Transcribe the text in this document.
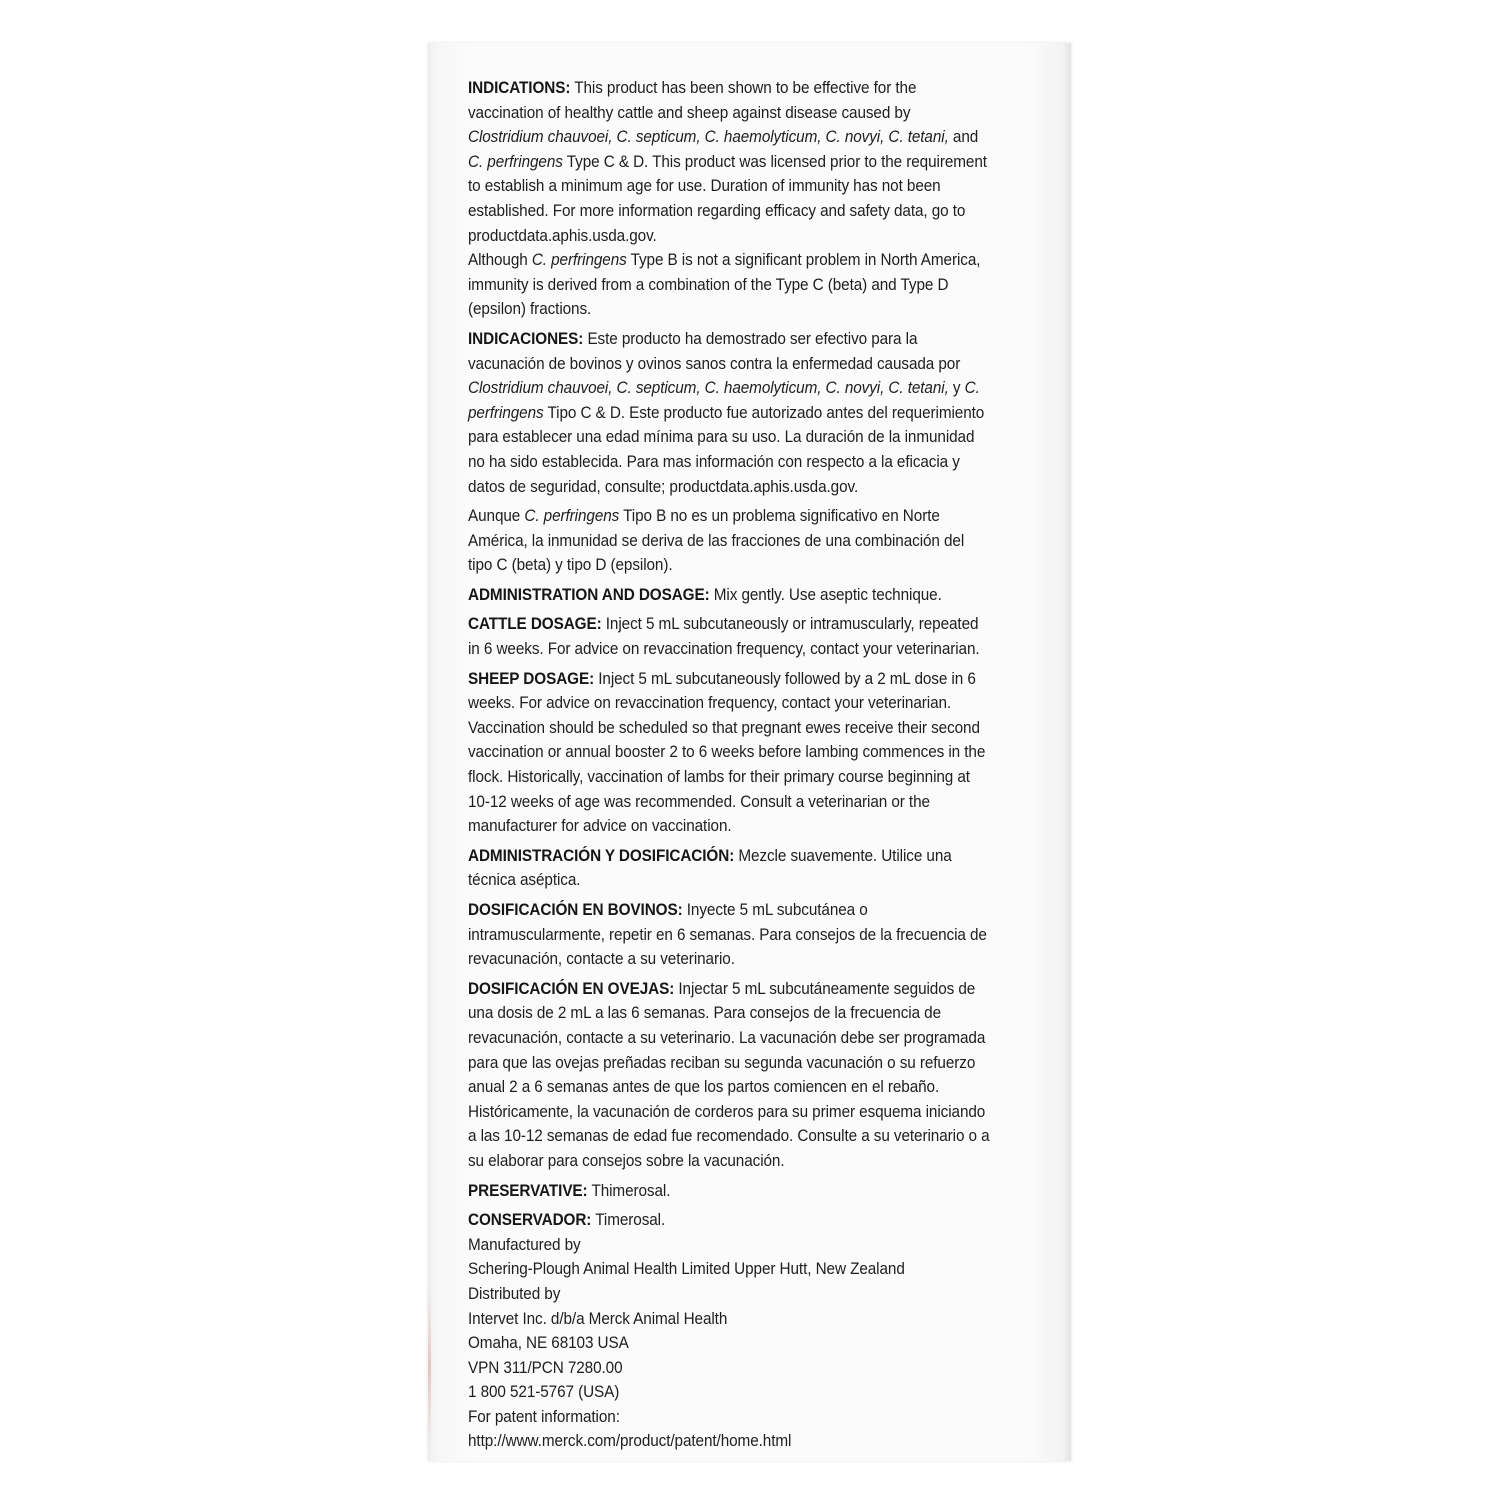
INDICATIONS: This product has been shown to be effective for the vaccination of healthy cattle and sheep against disease caused by Clostridium chauvoei, C. septicum, C. haemolyticum, C. novyi, C. tetani, and C. perfringens Type C & D. This product was licensed prior to the requirement to establish a minimum age for use. Duration of immunity has not been established. For more information regarding efficacy and safety data, go to productdata.aphis.usda.gov.

Although C. perfringens Type B is not a significant problem in North America, immunity is derived from a combination of the Type C (beta) and Type D (epsilon) fractions.

INDICACIONES: Este producto ha demostrado ser efectivo para la vacunación de bovinos y ovinos sanos contra la enfermedad causada por Clostridium chauvoei, C. septicum, C. haemolyticum, C. novyi, C. tetani, y C. perfringens Tipo C & D. Este producto fue autorizado antes del requerimiento para establecer una edad mínima para su uso. La duración de la inmunidad no ha sido establecida. Para mas información con respecto a la eficacia y datos de seguridad, consulte; productdata.aphis.usda.gov.

Aunque C. perfringens Tipo B no es un problema significativo en Norte América, la inmunidad se deriva de las fracciones de una combinación del tipo C (beta) y tipo D (epsilon).

ADMINISTRATION AND DOSAGE: Mix gently. Use aseptic technique.

CATTLE DOSAGE: Inject 5 mL subcutaneously or intramuscularly, repeated in 6 weeks. For advice on revaccination frequency, contact your veterinarian.

SHEEP DOSAGE: Inject 5 mL subcutaneously followed by a 2 mL dose in 6 weeks. For advice on revaccination frequency, contact your veterinarian. Vaccination should be scheduled so that pregnant ewes receive their second vaccination or annual booster 2 to 6 weeks before lambing commences in the flock. Historically, vaccination of lambs for their primary course beginning at 10-12 weeks of age was recommended. Consult a veterinarian or the manufacturer for advice on vaccination.

ADMINISTRACIÓN Y DOSIFICACIÓN: Mezcle suavemente. Utilice una técnica aséptica.

DOSIFICACIÓN EN BOVINOS: Inyecte 5 mL subcutánea o intramuscularmente, repetir en 6 semanas. Para consejos de la frecuencia de revacunación, contacte a su veterinario.

DOSIFICACIÓN EN OVEJAS: Injectar 5 mL subcutáneamente seguidos de una dosis de 2 mL a las 6 semanas. Para consejos de la frecuencia de revacunación, contacte a su veterinario. La vacunación debe ser programada para que las ovejas preñadas reciban su segunda vacunación o su refuerzo anual 2 a 6 semanas antes de que los partos comiencen en el rebaño. Históricamente, la vacunación de corderos para su primer esquema iniciando a las 10-12 semanas de edad fue recomendado. Consulte a su veterinario o a su elaborar para consejos sobre la vacunación.

PRESERVATIVE: Thimerosal.

CONSERVADOR: Timerosal.

Manufactured by
Schering-Plough Animal Health Limited Upper Hutt, New Zealand
Distributed by
Intervet Inc. d/b/a Merck Animal Health
Omaha, NE 68103 USA
VPN 311/PCN 7280.00
1 800 521-5767 (USA)
For patent information:
http://www.merck.com/product/patent/home.html
